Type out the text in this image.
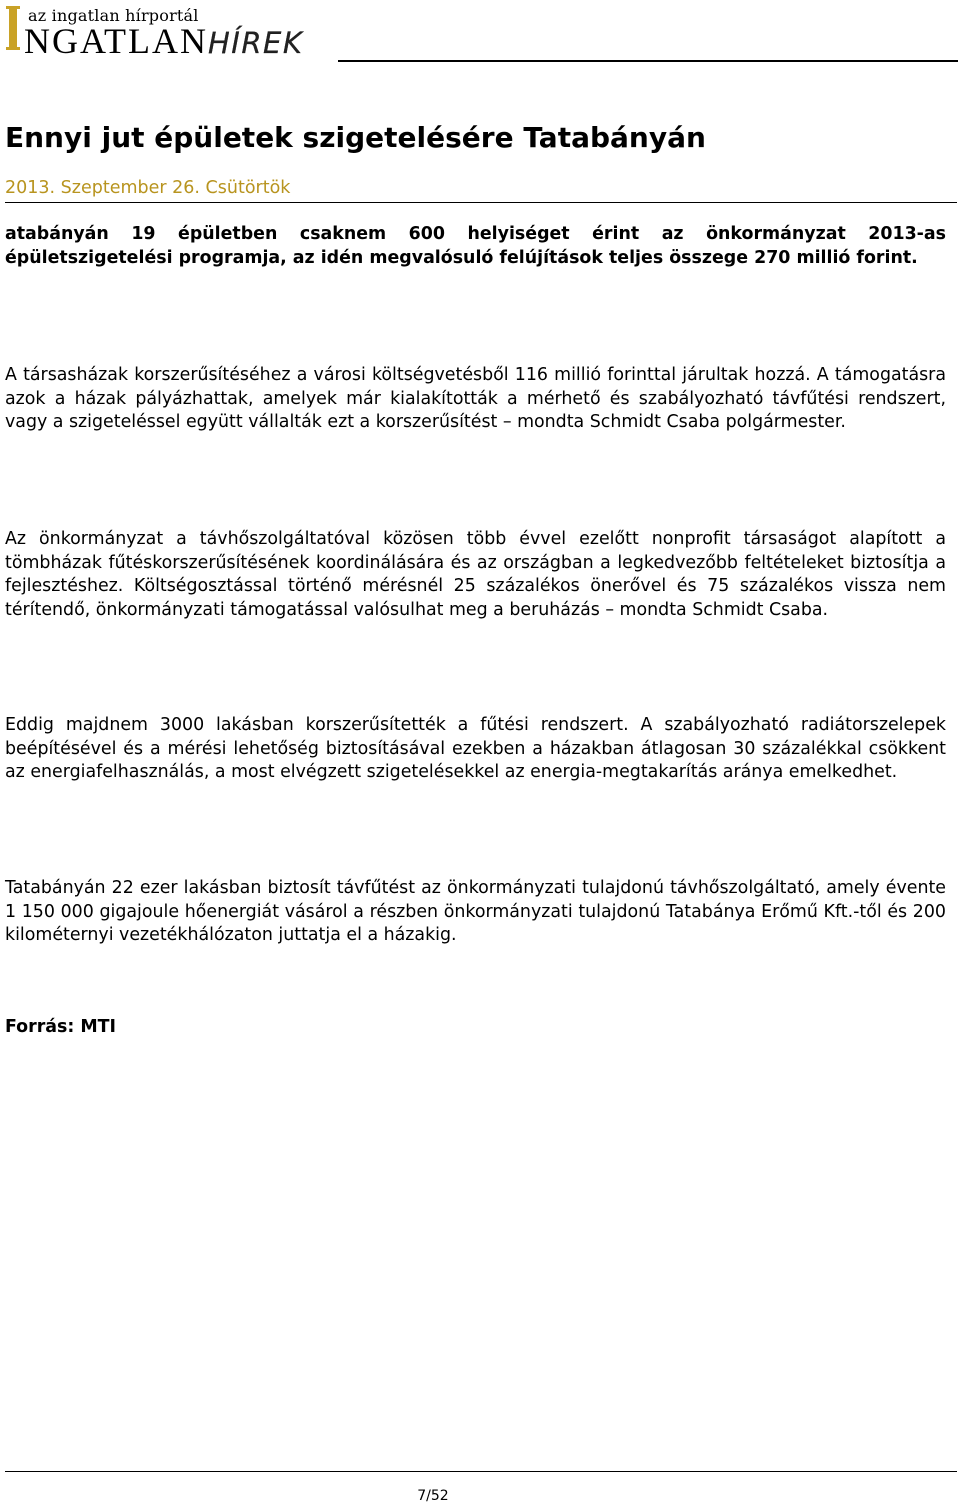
az ingatlan hírportál
NGATLANHÍREK
Ennyi jut épületek szigetelésére Tatabányán
2013. Szeptember 26. Csütörtök

atabányán 19 épületben csaknem 600 helyiséget érint az önkormányzat 2013-as épületszigetelési programja, az idén megvalósuló felújítások teljes összege 270 millió forint.

A társasházak korszerűsítéséhez a városi költségvetésből 116 millió forinttal járultak hozzá. A támogatásra azok a házak pályázhattak, amelyek már kialakították a mérhető és szabályozható távfűtési rendszert, vagy a szigeteléssel együtt vállalták ezt a korszerűsítést – mondta Schmidt Csaba polgármester.

Az önkormányzat a távhőszolgáltatóval közösen több évvel ezelőtt nonprofit társaságot alapított a tömbházak fűtéskorszerűsítésének koordinálására és az országban a legkedvezőbb feltételeket biztosítja a fejlesztéshez. Költségosztással történő mérésnél 25 százalékos önerővel és 75 százalékos vissza nem térítendő, önkormányzati támogatással valósulhat meg a beruházás – mondta Schmidt Csaba.

Eddig majdnem 3000 lakásban korszerűsítették a fűtési rendszert. A szabályozható radiátorszelepek beépítésével és a mérési lehetőség biztosításával ezekben a házakban átlagosan 30 százalékkal csökkent az energiafelhasználás, a most elvégzett szigetelésekkel az energia-megtakarítás aránya emelkedhet.

Tatabányán 22 ezer lakásban biztosít távfűtést az önkormányzati tulajdonú távhőszolgáltató, amely évente 1 150 000 gigajoule hőenergiát vásárol a részben önkormányzati tulajdonú Tatabánya Erőmű Kft.-től és 200 kilométernyi vezetékhálózaton juttatja el a házakig.

Forrás: MTI
7/52
